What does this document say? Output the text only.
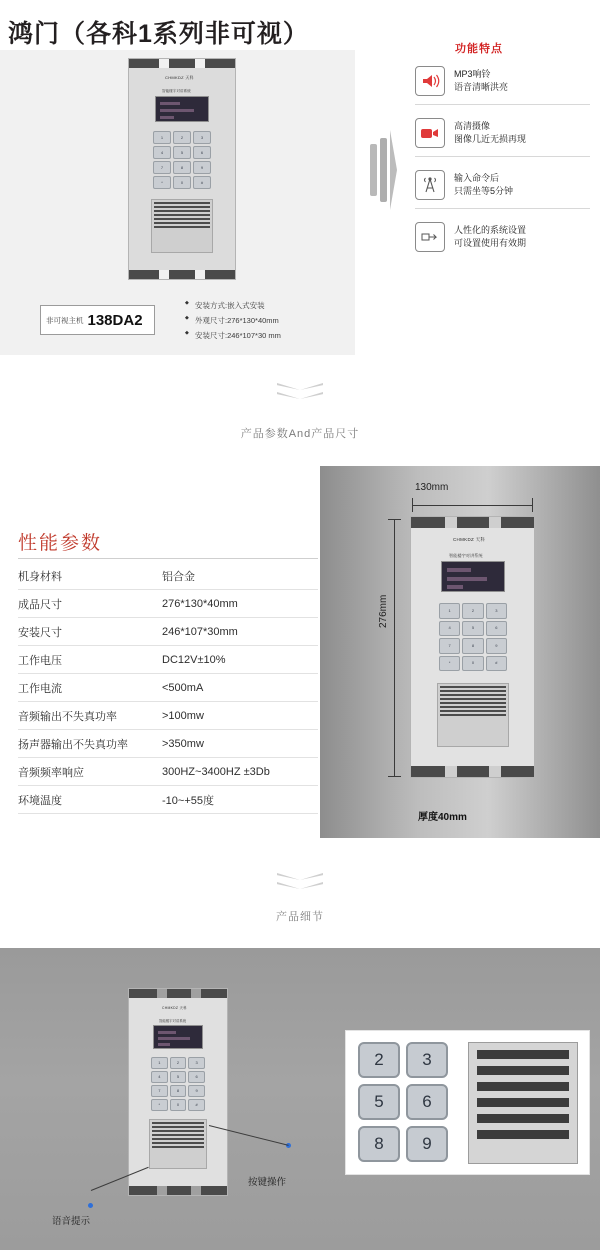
鸿门（各科1系列非可视）
CHMKDZ 天科
智能楼宇对讲系统
1	2	3
4	5	6
7	8	9
*	0	#
非可视主机 138DA2
◆ 安装方式:嵌入式安装
◆ 外观尺寸:276*130*40mm
◆ 安装尺寸:246*107*30 mm
功能特点
MP3响铃
语音清晰洪亮
高清摄像
图像几近无损再现
输入命令后
只需坐等5分钟
人性化的系统设置
可设置使用有效期
产品参数And产品尺寸
性能参数
机身材料	铝合金
成品尺寸	276*130*40mm
安装尺寸	246*107*30mm
工作电压	DC12V±10%
工作电流	<500mA
音频输出不失真功率	>100mw
扬声器输出不失真功率	>350mw
音频频率响应	300HZ~3400HZ ±3Db
环境温度	-10~+55度
130mm
276mm
CHMKDZ 天科
智能楼宇对讲系统
1	2	3
4	5	6
7	8	9
*	0	#
厚度40mm
产品细节
CHMKDZ 天科
智能楼宇对讲系统
1	2	3
4	5	6
7	8	9
*	0	#
按键操作
语音提示
2	3
5	6
8	9
